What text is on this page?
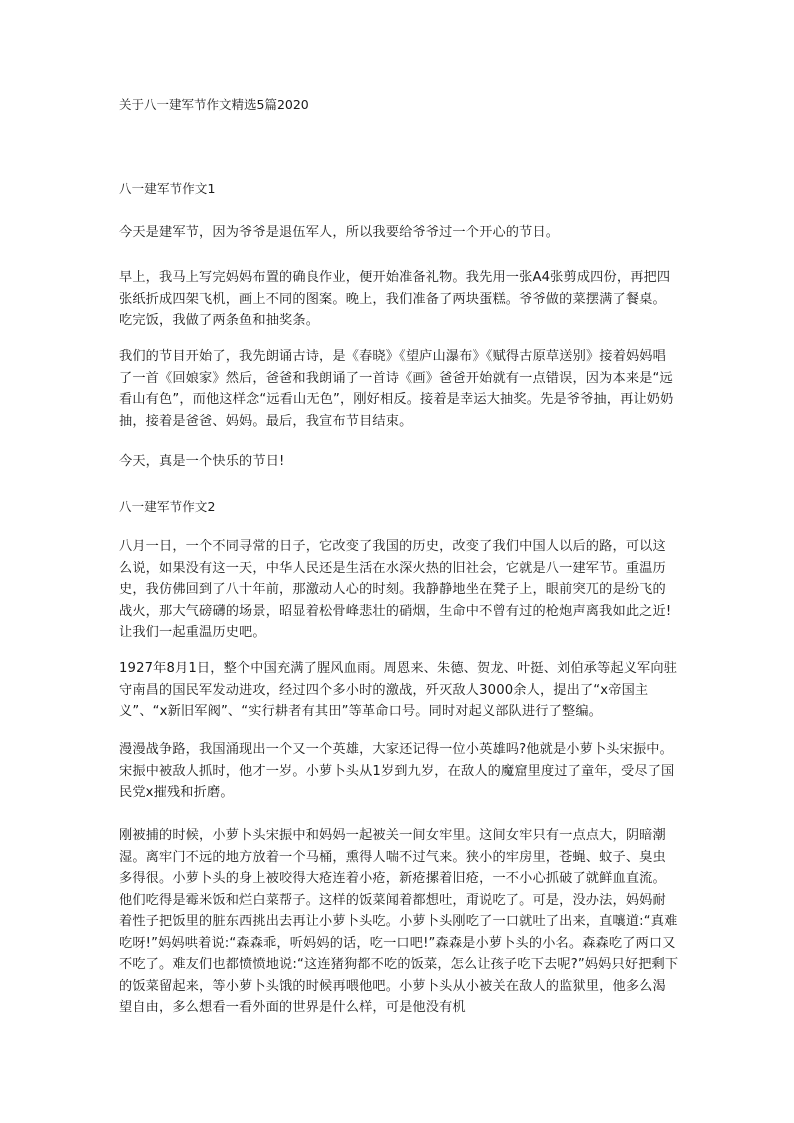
关于八一建军节作文精选5篇2020
八一建军节作文1

今天是建军节，因为爷爷是退伍军人，所以我要给爷爷过一个开心的节日。

早上，我马上写完妈妈布置的确良作业，便开始准备礼物。我先用一张A4张剪成四份，再把四张纸折成四架飞机，画上不同的图案。晚上，我们准备了两块蛋糕。爷爷做的菜摆满了餐桌。吃完饭，我做了两条鱼和抽奖条。

我们的节目开始了，我先朗诵古诗，是《春晓》《望庐山瀑布》《赋得古原草送别》接着妈妈唱了一首《回娘家》然后，爸爸和我朗诵了一首诗《画》爸爸开始就有一点错误，因为本来是“远看山有色”，而他这样念“远看山无色”，刚好相反。接着是幸运大抽奖。先是爷爷抽，再让奶奶抽，接着是爸爸、妈妈。最后，我宣布节目结束。

今天，真是一个快乐的节日!

八一建军节作文2

八月一日，一个不同寻常的日子，它改变了我国的历史，改变了我们中国人以后的路，可以这么说，如果没有这一天，中华人民还是生活在水深火热的旧社会，它就是八一建军节。重温历史，我仿佛回到了八十年前，那激动人心的时刻。我静静地坐在凳子上，眼前突兀的是纷飞的战火，那大气磅礴的场景，昭显着松骨峰悲壮的硝烟，生命中不曾有过的枪炮声离我如此之近!让我们一起重温历史吧。

1927年8月1日，整个中国充满了腥风血雨。周恩来、朱德、贺龙、叶挺、刘伯承等起义军向驻守南昌的国民军发动进攻，经过四个多小时的激战，歼灭敌人3000余人，提出了“x帝国主义”、“x新旧军阀”、“实行耕者有其田”等革命口号。同时对起义部队进行了整编。

漫漫战争路，我国涌现出一个又一个英雄，大家还记得一位小英雄吗?他就是小萝卜头宋振中。宋振中被敌人抓时，他才一岁。小萝卜头从1岁到九岁，在敌人的魔窟里度过了童年，受尽了国民党x摧残和折磨。

刚被捕的时候，小萝卜头宋振中和妈妈一起被关一间女牢里。这间女牢只有一点点大，阴暗潮湿。离牢门不远的地方放着一个马桶，熏得人喘不过气来。狭小的牢房里，苍蝇、蚊子、臭虫多得很。小萝卜头的身上被咬得大疮连着小疮，新疮摞着旧疮，一不小心抓破了就鲜血直流。他们吃得是霉米饭和烂白菜帮子。这样的饭菜闻着都想吐，甭说吃了。可是，没办法，妈妈耐着性子把饭里的脏东西挑出去再让小萝卜头吃。小萝卜头刚吃了一口就吐了出来，直嚷道:“真难吃呀!”妈妈哄着说:“森森乖，听妈妈的话，吃一口吧!”森森是小萝卜头的小名。森森吃了两口又不吃了。难友们也都愤愤地说:“这连猪狗都不吃的饭菜，怎么让孩子吃下去呢?”妈妈只好把剩下的饭菜留起来，等小萝卜头饿的时候再喂他吧。小萝卜头从小被关在敌人的监狱里，他多么渴望自由，多么想看一看外面的世界是什么样，可是他没有机
